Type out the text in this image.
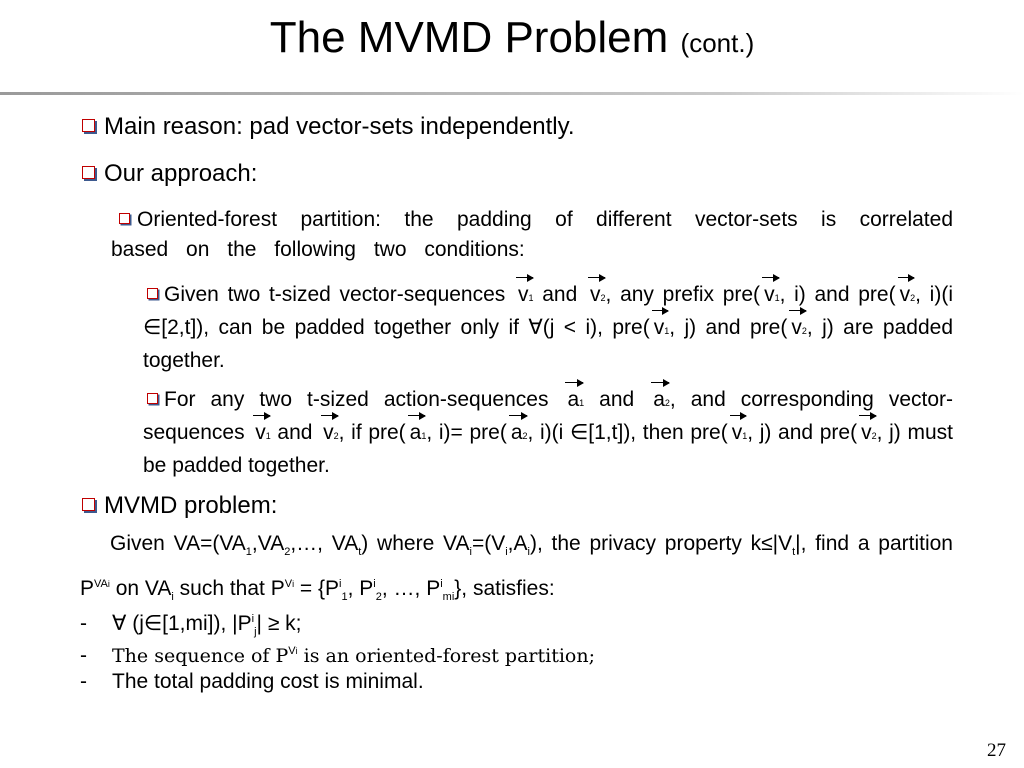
The MVMD Problem (cont.)
Main reason: pad vector-sets independently.
Our approach:
Oriented-forest partition: the padding of different vector-sets is correlated based on the following two conditions:
Given two t-sized vector-sequences v1 and v2, any prefix pre( v1, i) and pre( v2, i)(i ∈[2,t]), can be padded together only if ∀(j < i), pre( v1, j) and pre( v2, j) are padded together.
For any two t-sized action-sequences a1 and a2, and corresponding vector-sequences v1 and v2, if pre( a1, i)= pre( a2, i)(i ∈[1,t]), then pre( v1, j) and pre( v2, j) must be padded together.
MVMD problem:
Given $VA=(VA_1,VA_2,\dots$, $VA_t$) where $VA_i=(V_i,A_i)$, the privacy property $k\le|V_t|$, find a partition $P^{VAi}$ on $VA_i$ such that $P^{Vi} = \{P^i_1$, $P^i_2$, …, $P^i_{mi}$}, satisfies:
- ∀ (j∈[1,mi]), $|P^i_j| \ge k$;
- The sequence of $P^{Vi}$ is an oriented-forest partition;
- The total padding cost is minimal.
27
